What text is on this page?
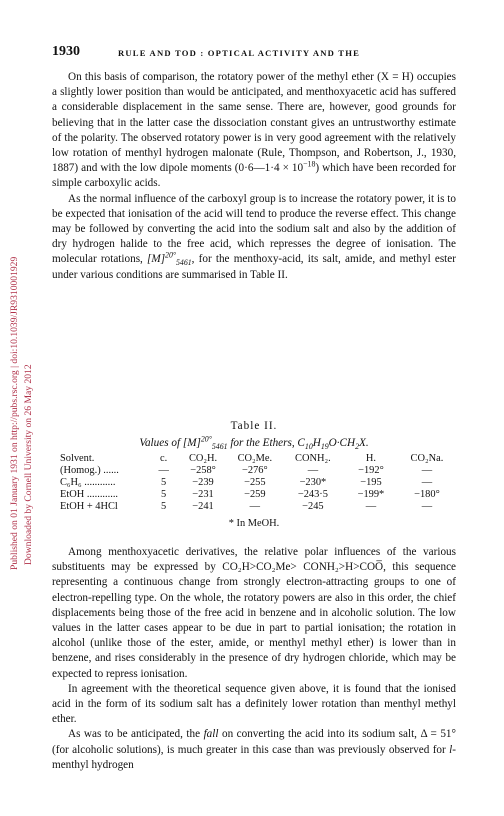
Published on 01 January 1931 on http://pubs.rsc.org | doi:10.1039/JR9310001929 Downloaded by Cornell University on 26 May 2012
1930	RULE AND TOD : OPTICAL ACTIVITY AND THE

On this basis of comparison, the rotatory power of the methyl ether (X = H) occupies a slightly lower position than would be anticipated, and menthoxyacetic acid has suffered a considerable displacement in the same sense. There are, however, good grounds for believing that in the latter case the dissociation constant gives an untrustworthy estimate of the polarity. The observed rotatory power is in very good agreement with the relatively low rotation of menthyl hydrogen malonate (Rule, Thompson, and Robertson, J., 1930, 1887) and with the low dipole moments (0·6—1·4 × $10^{-18}$) which have been recorded for simple carboxylic acids.

As the normal influence of the carboxyl group is to increase the rotatory power, it is to be expected that ionisation of the acid will tend to produce the reverse effect. This change may be followed by converting the acid into the sodium salt and also by the addition of dry hydrogen halide to the free acid, which represses the degree of ionisation. The molecular rotations, $[M]^{20^\circ}_{5461}$, for the menthoxy-acid, its salt, amide, and methyl ester under various conditions are summarised in Table II.

Table II.
Values of $[M]^{20^\circ}_{5461}$ for the Ethers, $C_{10}H_{19}O\cdot CH_2X$.
Solvent.	c.	CO₂H.	CO₂Me.	CONH₂.	H.	CO₂Na.
(Homog.) ......	—	−258°	−276°	—	−192°	—
C₆H₆ ............	5	−239	−255	−230*	−195	—
EtOH ............	5	−231	−259	−243·5	−199*	−180°
EtOH + 4HCl	5	−241	—	−245	—	—
* In MeOH.

Among menthoxyacetic derivatives, the relative polar influences of the various substituents may be expressed by CO₂H>CO₂Me> CONH₂>H>COO̅, this sequence representing a continuous change from strongly electron-attracting groups to one of electron-repelling type. On the whole, the rotatory powers are also in this order, the chief displacements being those of the free acid in benzene and in alcoholic solution. The low values in the latter cases appear to be due in part to partial ionisation; the rotation in alcohol (unlike those of the ester, amide, or menthyl methyl ether) is lower than in benzene, and rises considerably in the presence of dry hydrogen chloride, which may be expected to repress ionisation.

In agreement with the theoretical sequence given above, it is found that the ionised acid in the form of its sodium salt has a definitely lower rotation than menthyl methyl ether.

As was to be anticipated, the fall on converting the acid into its sodium salt, Δ = 51° (for alcoholic solutions), is much greater in this case than was previously observed for l-menthyl hydrogen
